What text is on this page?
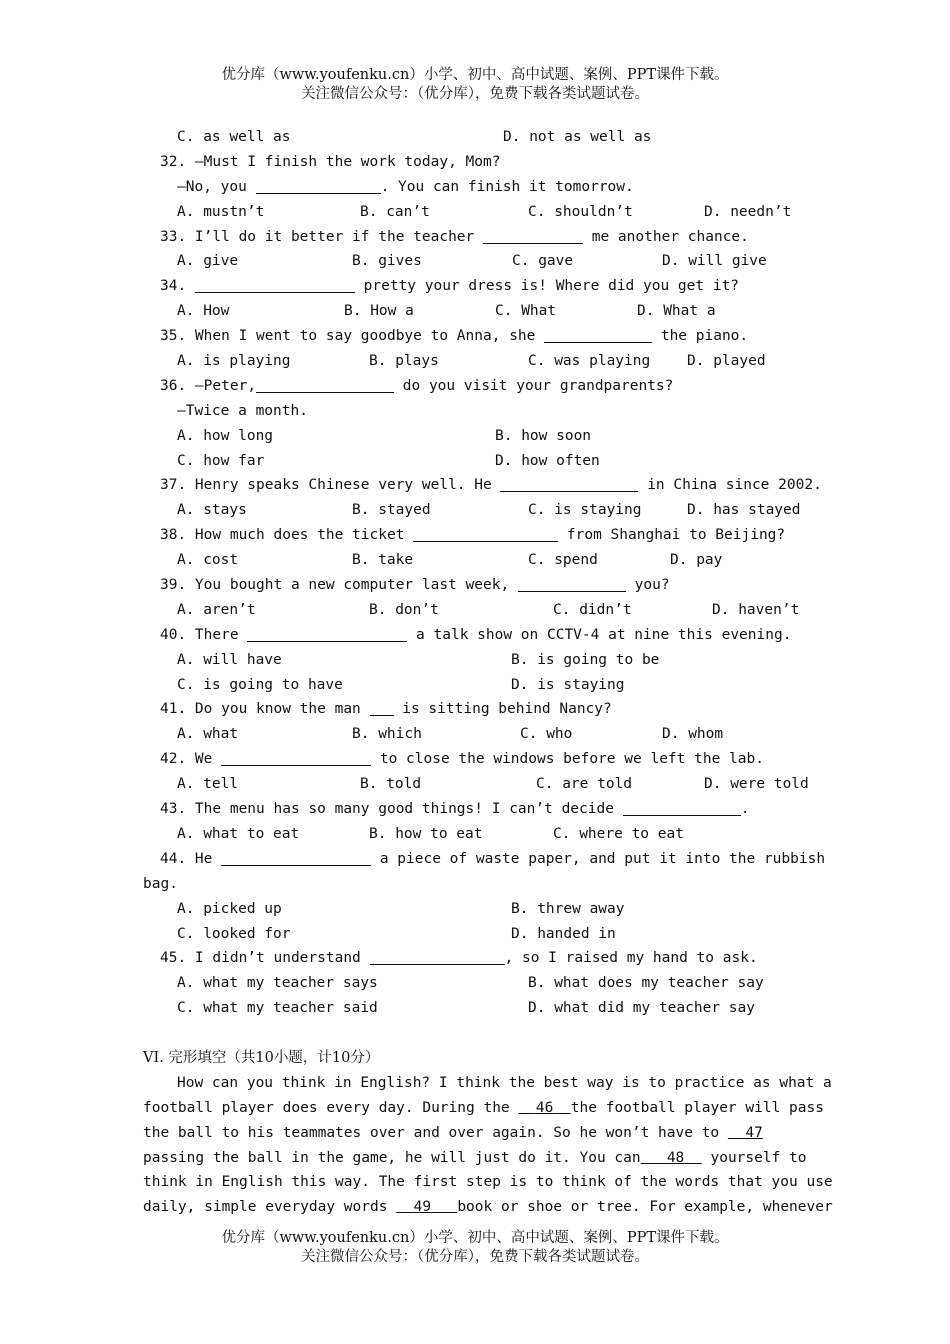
优分库（www.youfenku.cn）小学、初中、高中试题、案例、PPT课件下载。
关注微信公众号：（优分库），免费下载各类试题试卷。

C. as well as

	D. not as well as

32. —Must I finish the work today, Mom?

—No, you	. You can finish it tomorrow.

A. mustn’t

	B. can’t

	C. shouldn’t

	D. needn’t

33. I’ll do it better if the teacher	me another chance.

A. give

	B. gives

	C. gave

	D. will give

34.	pretty your dress is! Where did you get it?

A. How

	B. How a

	C. What

	D. What a

35. When I went to say goodbye to Anna, she	the piano.

A. is playing

	B. plays

	C. was playing

	D. played

36. —Peter,	do you visit your grandparents?

—Twice a month.

A. how long

	B. how soon

C. how far

	D. how often

37. Henry speaks Chinese very well. He	in China since 2002.

A. stays

	B. stayed

	C. is staying

	D. has stayed

38. How much does the ticket	from Shanghai to Beijing?

A. cost

	B. take

	C. spend

	D. pay

39. You bought a new computer last week,	you?

A. aren’t

	B. don’t

	C. didn’t

	D. haven’t

40. There	a talk show on CCTV-4 at nine this evening.

A. will have

	B. is going to be

C. is going to have

	D. is staying

41. Do you know the man  is sitting behind Nancy?

A. what

	B. which

	C. who

	D. whom

42. We	to close the windows before we left the lab.

A. tell

	B. told

	C. are told

	D. were told

43. The menu has so many good things! I can’t decide	.

A. what to eat

	B. how to eat

	C. where to eat

44. He	a piece of waste paper, and put it into the rubbish

bag.

A. picked up

	B. threw away

C. looked for

	D. handed in

45. I didn’t understand	, so I raised my hand to ask.

A. what my teacher says

	B. what does my teacher say

C. what my teacher said

	D. what did my teacher say

VI. 完形填空（共10小题，计10分）

How can you think in English? I think the best way is to practice as what a

football player does every day. During the   46 the football player will pass

the ball to his teammates over and over again. So he won’t have to   47

passing the ball in the game, he will just do it. You can 48   yourself to

think in English this way. The first step is to think of the words that you use

daily, simple everyday words   49 book or shoe or tree. For example, whenever

优分库（www.youfenku.cn）小学、初中、高中试题、案例、PPT课件下载。
关注微信公众号：（优分库），免费下载各类试题试卷。
